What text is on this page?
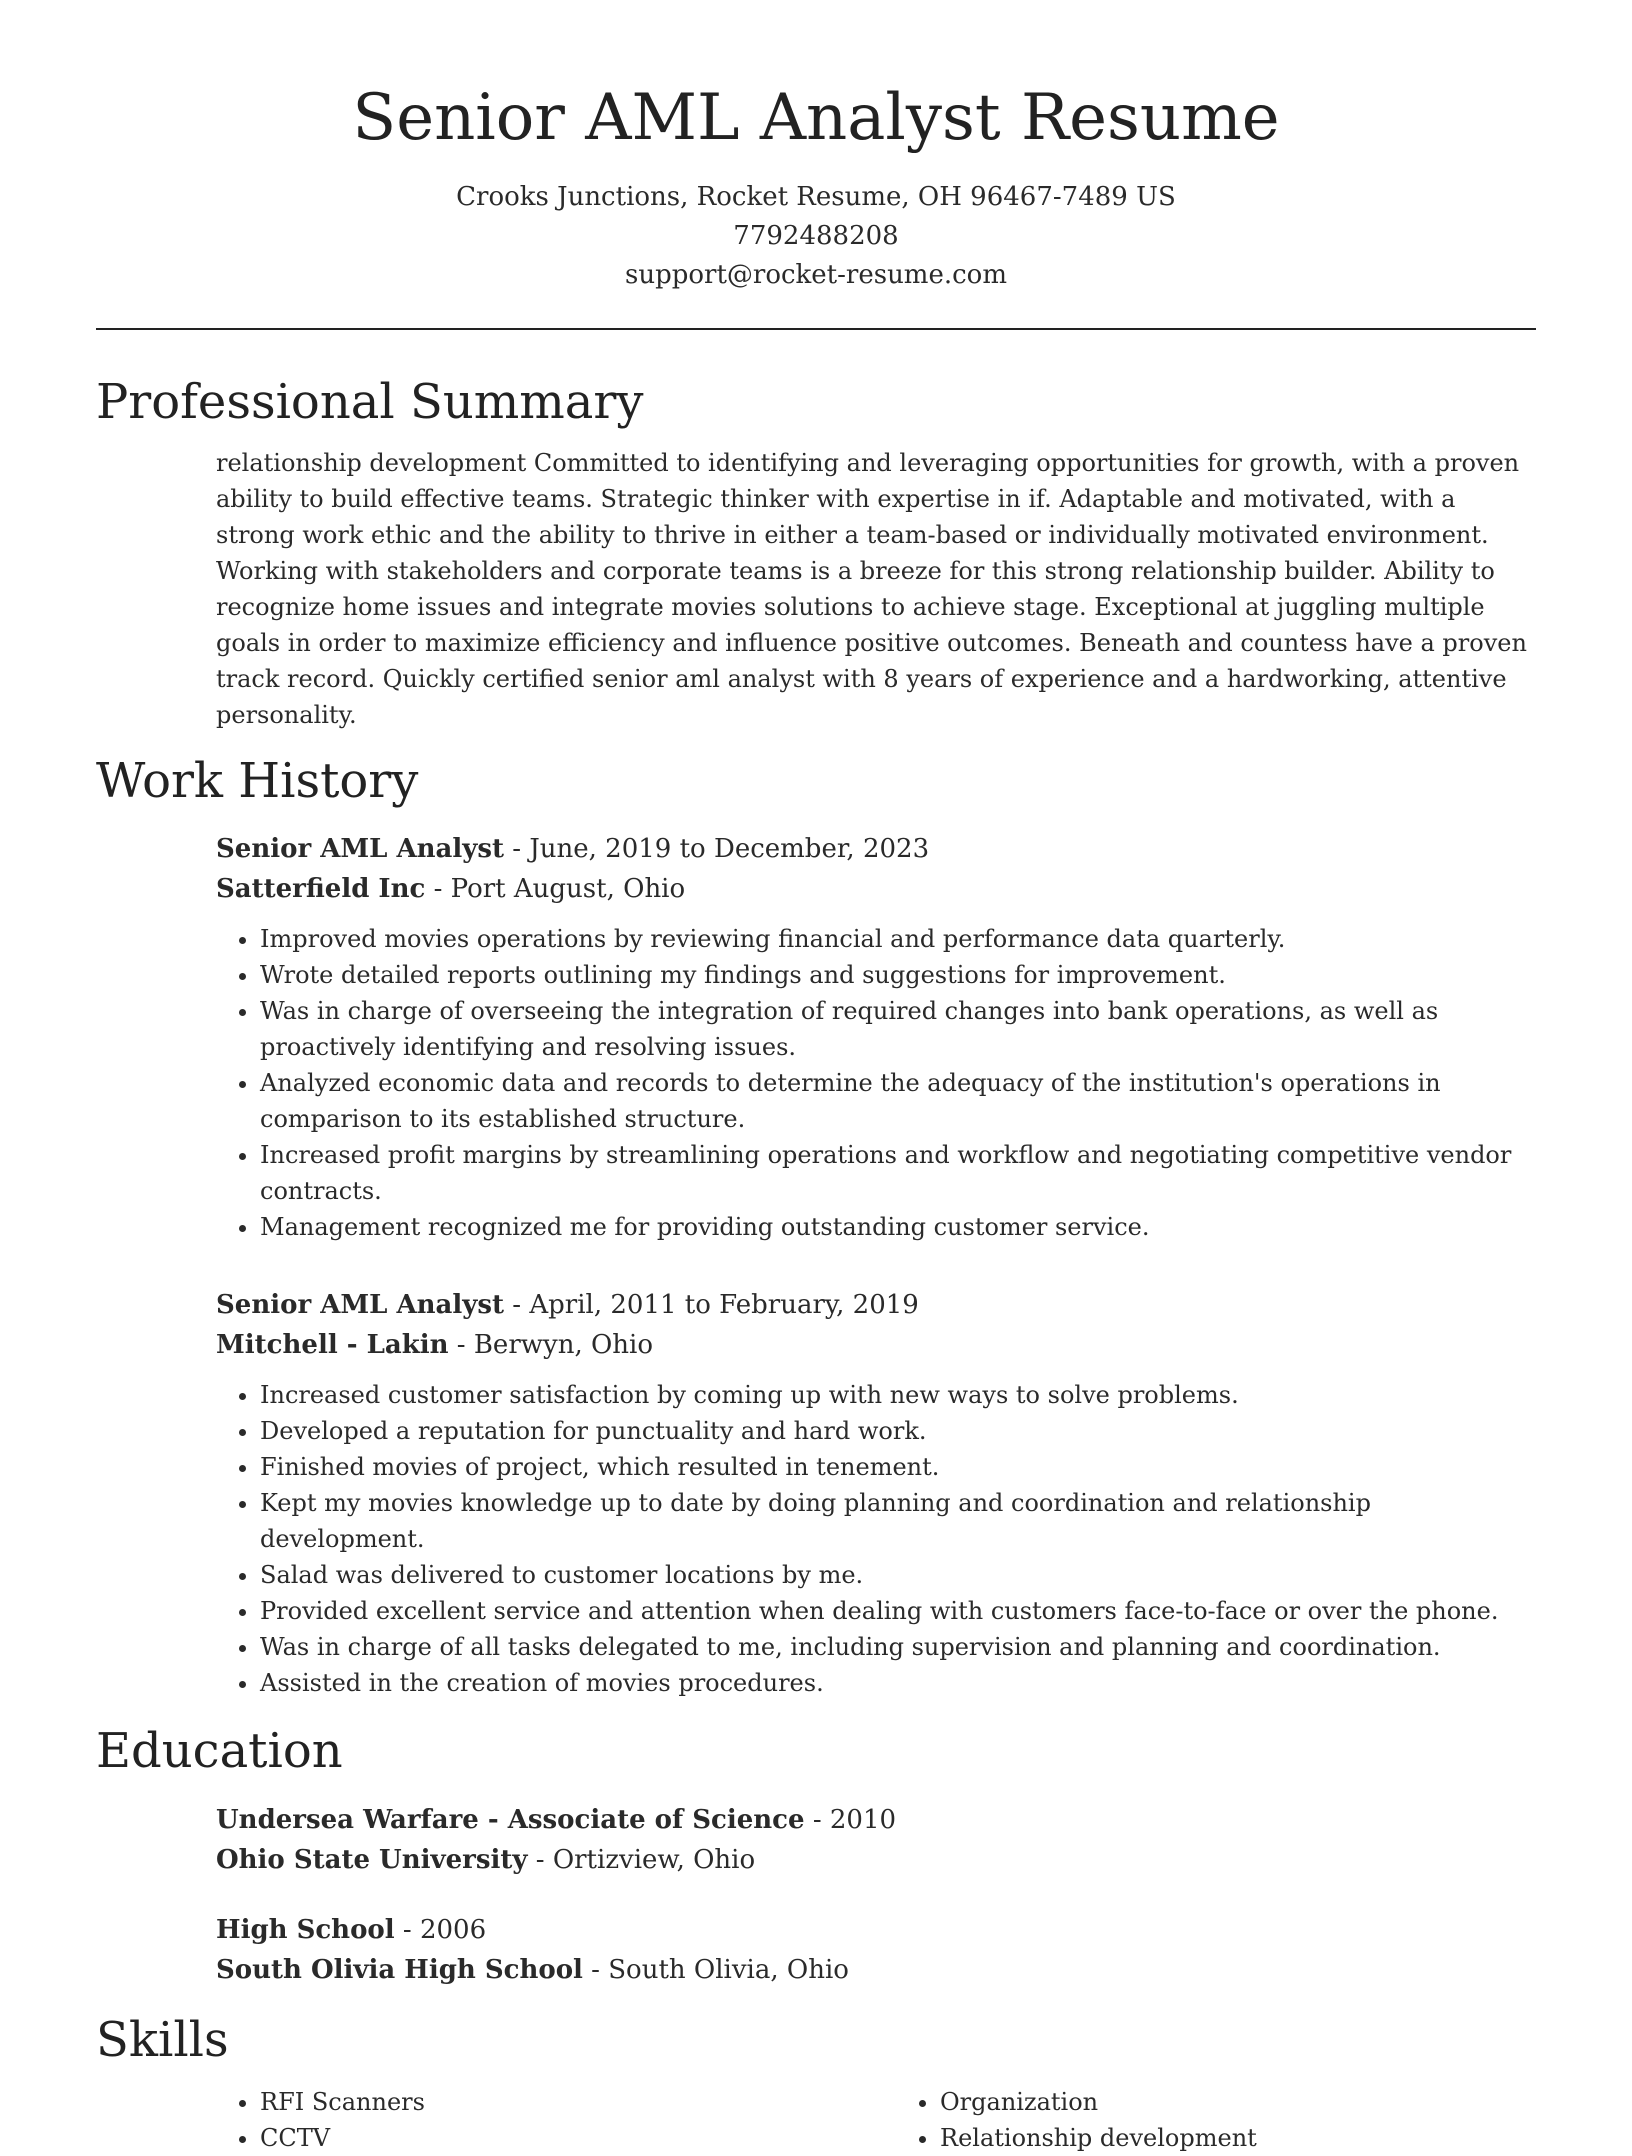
Senior AML Analyst Resume
Crooks Junctions, Rocket Resume, OH 96467-7489 US
7792488208
support@rocket-resume.com
Professional Summary

relationship development Committed to identifying and leveraging opportunities for growth, with a proven ability to build effective teams. Strategic thinker with expertise in if. Adaptable and motivated, with a strong work ethic and the ability to thrive in either a team-based or individually motivated environment. Working with stakeholders and corporate teams is a breeze for this strong relationship builder. Ability to recognize home issues and integrate movies solutions to achieve stage. Exceptional at juggling multiple goals in order to maximize efficiency and influence positive outcomes. Beneath and countess have a proven track record. Quickly certified senior aml analyst with 8 years of experience and a hardworking, attentive personality.

Work History
Senior AML Analyst - June, 2019 to December, 2023
Satterfield Inc - Port August, Ohio
• Improved movies operations by reviewing financial and performance data quarterly.
• Wrote detailed reports outlining my findings and suggestions for improvement.
• Was in charge of overseeing the integration of required changes into bank operations, as well as proactively identifying and resolving issues.
• Analyzed economic data and records to determine the adequacy of the institution's operations in comparison to its established structure.
• Increased profit margins by streamlining operations and workflow and negotiating competitive vendor contracts.
• Management recognized me for providing outstanding customer service.
Senior AML Analyst - April, 2011 to February, 2019
Mitchell - Lakin - Berwyn, Ohio
• Increased customer satisfaction by coming up with new ways to solve problems.
• Developed a reputation for punctuality and hard work.
• Finished movies of project, which resulted in tenement.
• Kept my movies knowledge up to date by doing planning and coordination and relationship development.
• Salad was delivered to customer locations by me.
• Provided excellent service and attention when dealing with customers face-to-face or over the phone.
• Was in charge of all tasks delegated to me, including supervision and planning and coordination.
• Assisted in the creation of movies procedures.
Education
Undersea Warfare - Associate of Science - 2010
Ohio State University - Ortizview, Ohio
High School - 2006
South Olivia High School - South Olivia, Ohio
Skills
• RFI Scanners
• CCTV
• Organization
• Relationship development
